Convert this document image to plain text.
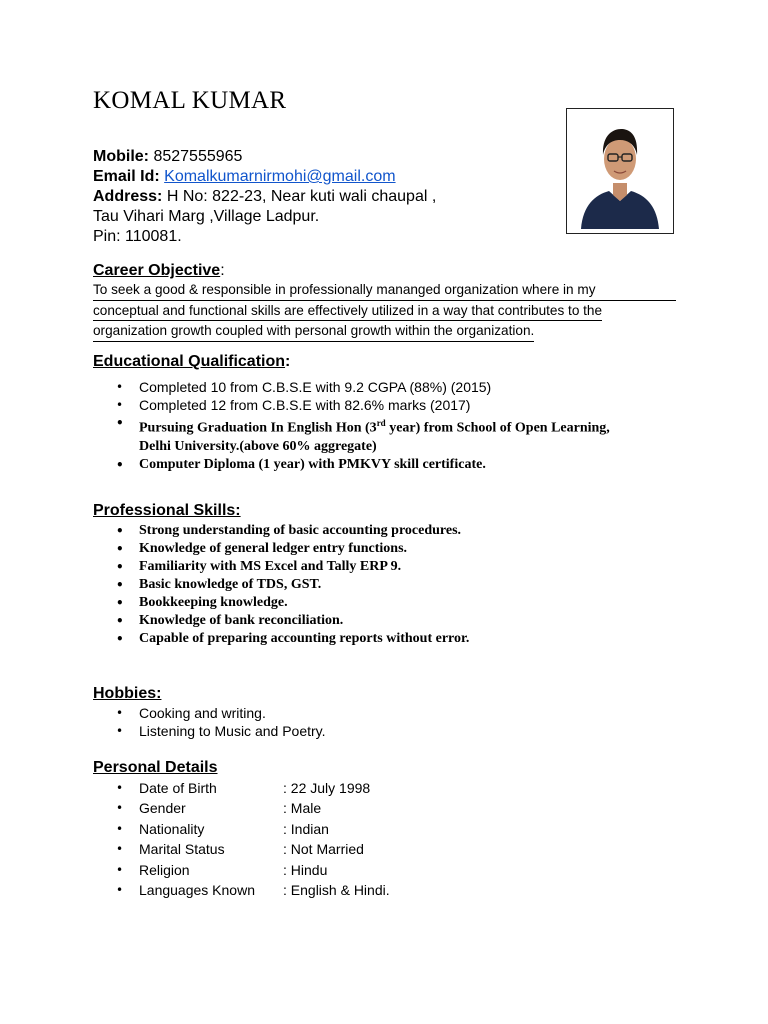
KOMAL KUMAR
Mobile: 8527555965
Email Id: Komalkumarnirmohi@gmail.com
Address: H No: 822-23, Near kuti wali chaupal ,
Tau Vihari Marg ,Village Ladpur.
Pin: 110081.
Career Objective:
To seek a good & responsible in professionally mananged organization where in my
conceptual and functional skills are effectively utilized in a way that contributes to the
organization growth coupled with personal growth within the organization.
Educational Qualification:
• Completed 10 from C.B.S.E with 9.2 CGPA (88%) (2015)
• Completed 12 from C.B.S.E with 82.6% marks (2017)
• Pursuing Graduation In English Hon (3rd year) from School of Open Learning,
Delhi University.(above 60% aggregate)
• Computer Diploma (1 year) with PMKVY skill certificate.
Professional Skills:
• Strong understanding of basic accounting procedures.
• Knowledge of general ledger entry functions.
• Familiarity with MS Excel and Tally ERP 9.
• Basic knowledge of TDS, GST.
• Bookkeeping knowledge.
• Knowledge of bank reconciliation.
• Capable of preparing accounting reports without error.
Hobbies:
• Cooking and writing.
• Listening to Music and Poetry.
Personal Details
• Date of Birth	: 22 July 1998
• Gender	: Male
• Nationality	: Indian
• Marital Status	: Not Married
• Religion	: Hindu
• Languages Known : English & Hindi.
